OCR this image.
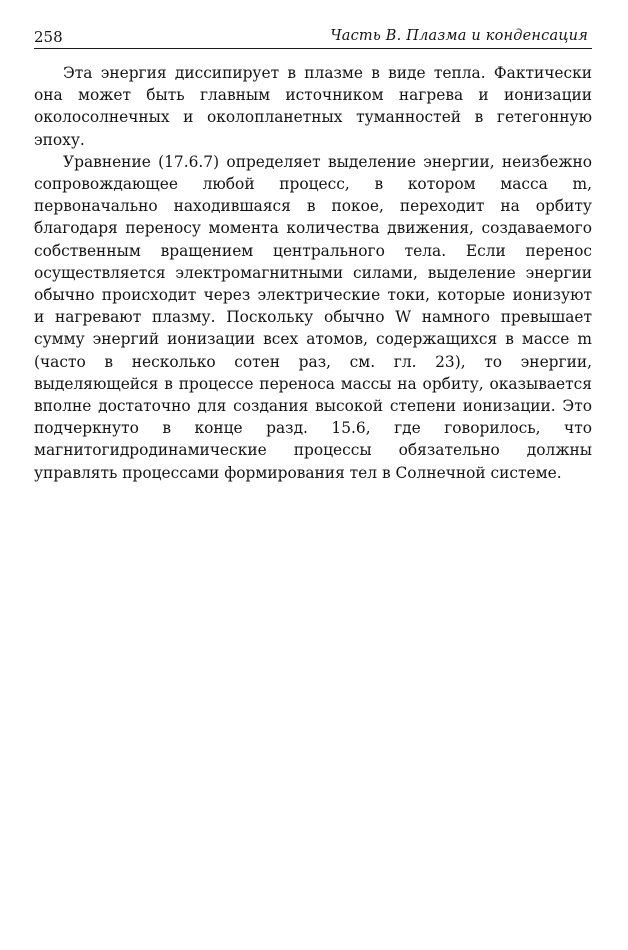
258	Часть В. Плазма и конденсация

Эта энергия диссипирует в плазме в виде тепла. Фактически она может быть главным источником нагрева и ионизации околосолнечных и околопланетных туманностей в гетегонную эпоху.

Уравнение (17.6.7) определяет выделение энергии, неизбежно сопровождающее любой процесс, в котором масса m, первоначально находившаяся в покое, переходит на орбиту благодаря переносу момента количества движения, создаваемого собственным вращением центрального тела. Если перенос осуществляется электромагнитными силами, выделение энергии обычно происходит через электрические токи, которые ионизуют и нагревают плазму. Поскольку обычно W намного превышает сумму энергий ионизации всех атомов, содержащихся в массе m (часто в несколько сотен раз, см. гл. 23), то энергии, выделяющейся в процессе переноса массы на орбиту, оказывается вполне достаточно для создания высокой степени ионизации. Это подчеркнуто в конце разд. 15.6, где говорилось, что магнитогидродинамические процессы обязательно должны управлять процессами формирования тел в Солнечной системе.
